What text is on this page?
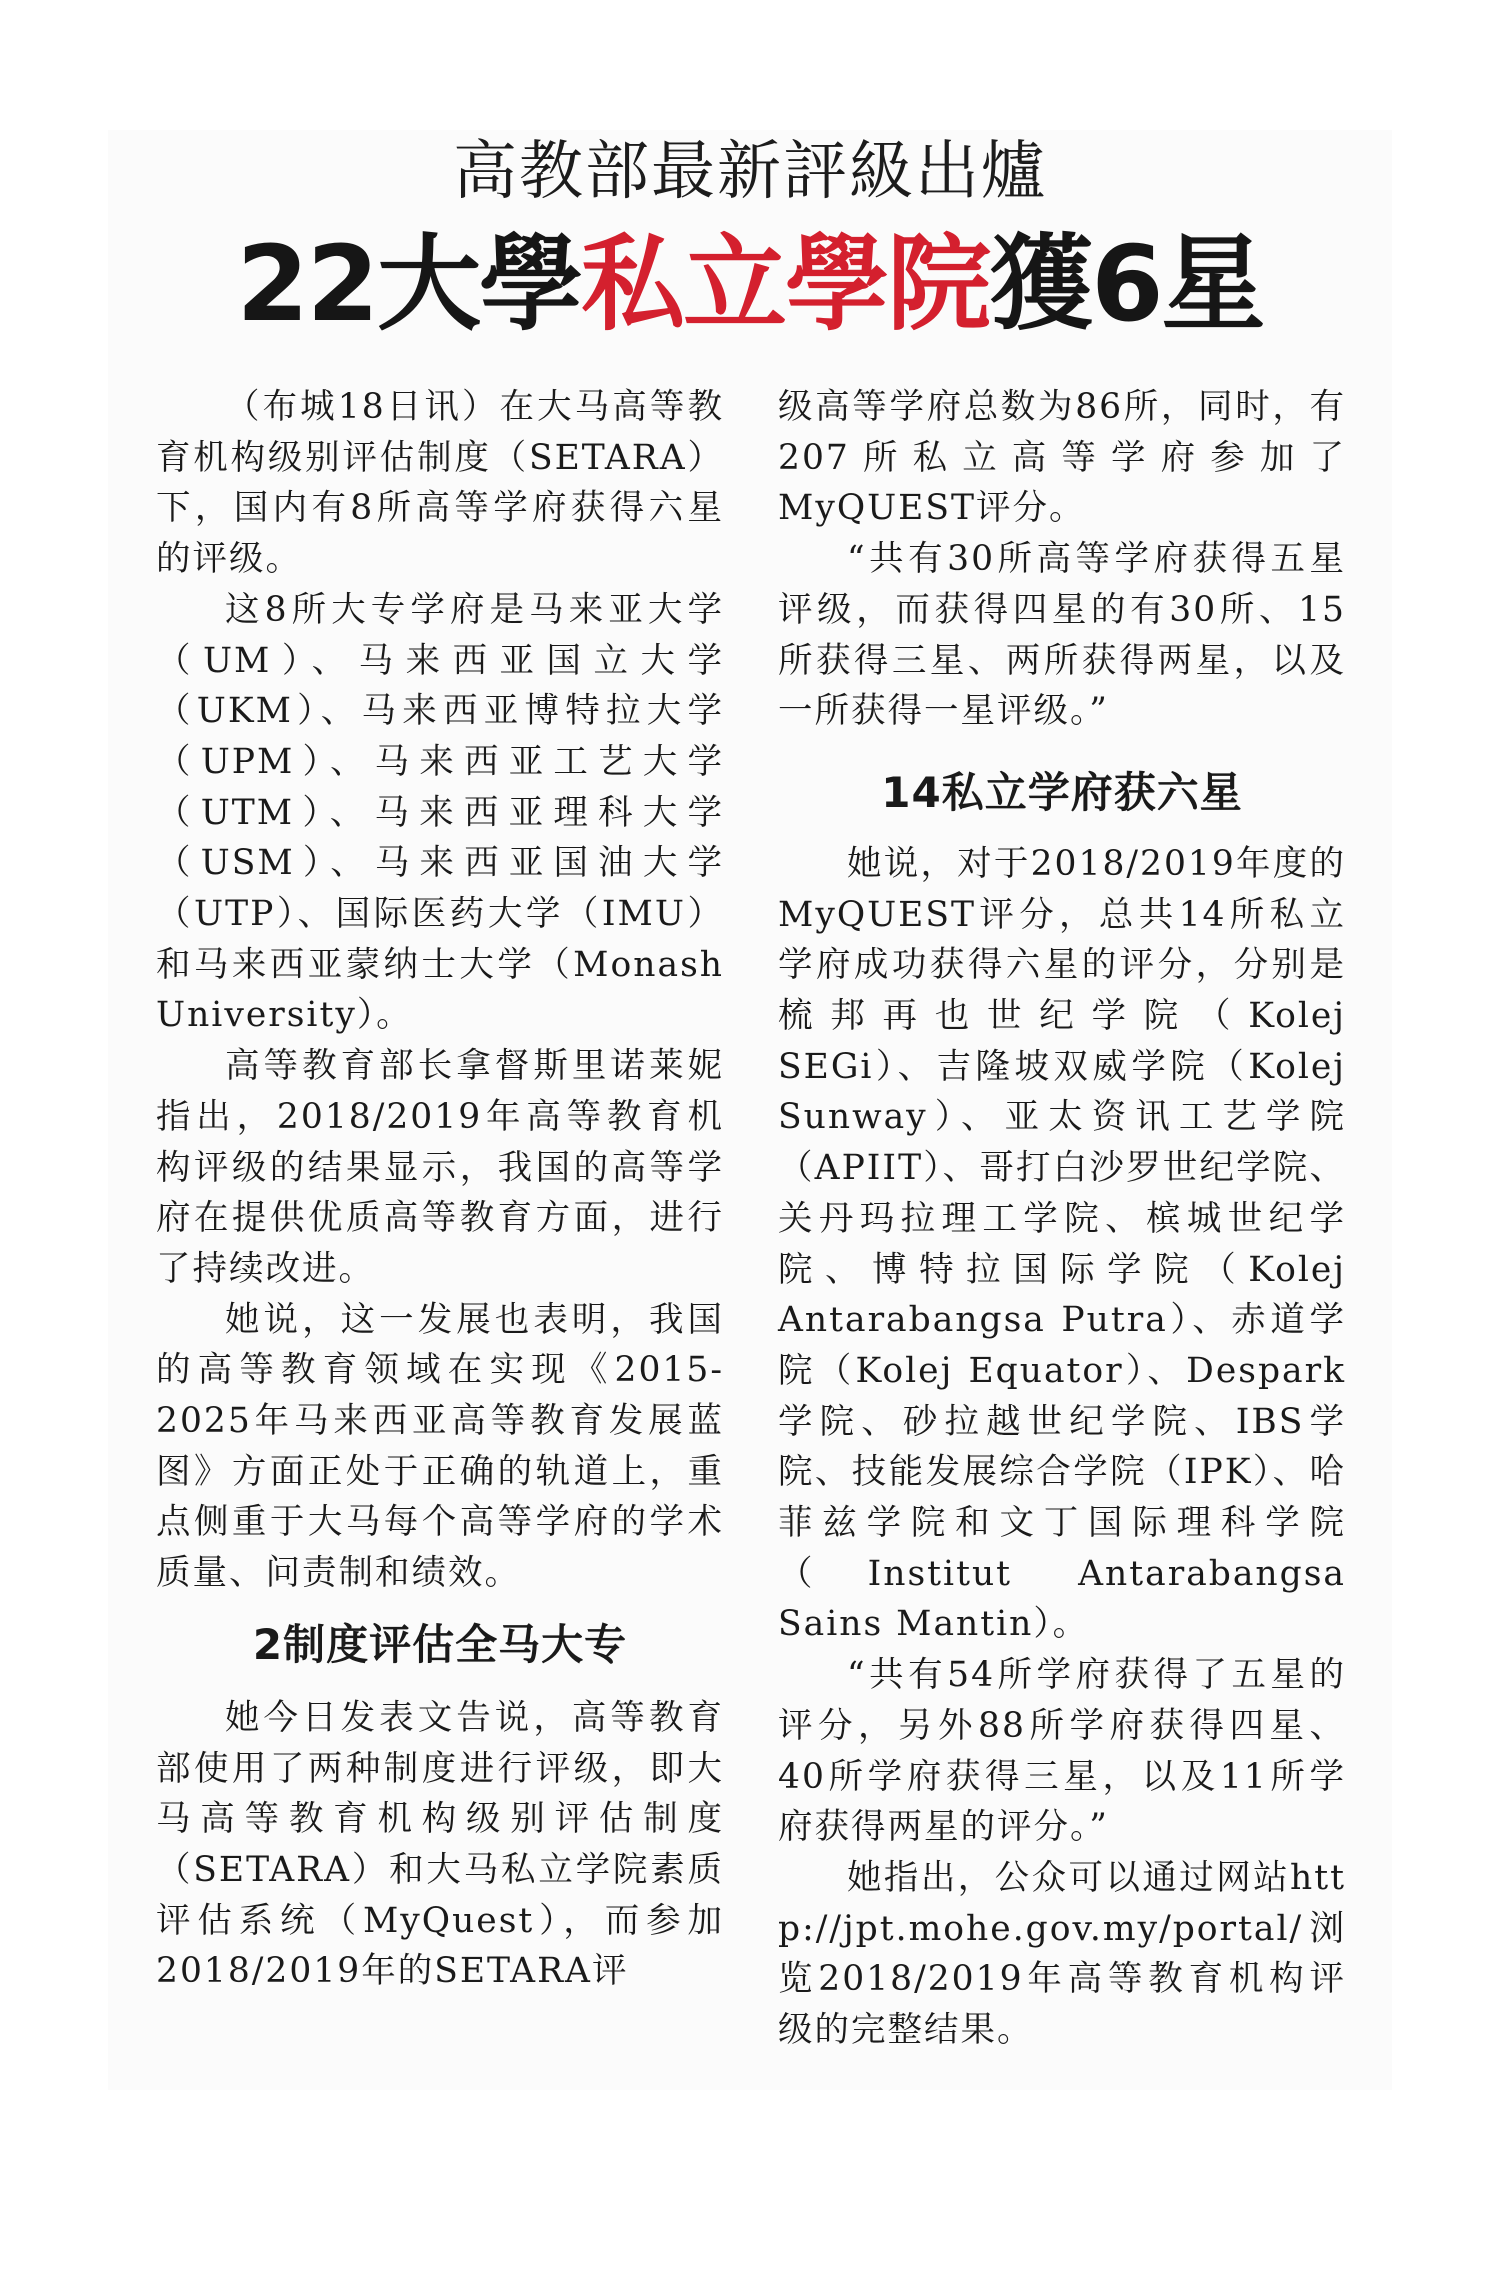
高教部最新評級出爐
22大學私立學院獲6星

（布城18日讯）在大马高等教育机构级别评估制度（SETARA）下，国内有8所高等学府获得六星的评级。

这8所大专学府是马来亚大学（UM）、马来西亚国立大学（UKM）、马来西亚博特拉大学（UPM）、马来西亚工艺大学（UTM）、马来西亚理科大学（USM）、马来西亚国油大学（UTP）、国际医药大学（IMU）和马来西亚蒙纳士大学（Monash University）。

高等教育部长拿督斯里诺莱妮指出，2018/2019年高等教育机构评级的结果显示，我国的高等学府在提供优质高等教育方面，进行了持续改进。

她说，这一发展也表明，我国的高等教育领域在实现《2015-2025年马来西亚高等教育发展蓝图》方面正处于正确的轨道上，重点侧重于大马每个高等学府的学术质量、问责制和绩效。

2制度评估全马大专

她今日发表文告说，高等教育部使用了两种制度进行评级，即大马高等教育机构级别评估制度（SETARA）和大马私立学院素质评估系统（MyQuest），而参加2018/2019年的SETARA评

级高等学府总数为86所，同时，有207所私立高等学府参加了MyQUEST评分。

“共有30所高等学府获得五星评级，而获得四星的有30所、15所获得三星、两所获得两星，以及一所获得一星评级。”

14私立学府获六星

她说，对于2018/2019年度的MyQUEST评分，总共14所私立学府成功获得六星的评分，分别是梳邦再也世纪学院（Kolej SEGi）、吉隆坡双威学院（Kolej Sunway）、亚太资讯工艺学院（APIIT）、哥打白沙罗世纪学院、关丹玛拉理工学院、槟城世纪学院、博特拉国际学院（Kolej Antarabangsa Putra）、赤道学院（Kolej Equator）、Despark学院、砂拉越世纪学院、IBS学院、技能发展综合学院（IPK）、哈菲兹学院和文丁国际理科学院（Institut Antarabangsa Sains Mantin）。

“共有54所学府获得了五星的评分，另外88所学府获得四星、40所学府获得三星，以及11所学府获得两星的评分。”

她指出，公众可以通过网站http://jpt.mohe.gov.my/portal/浏览2018/2019年高等教育机构评级的完整结果。
